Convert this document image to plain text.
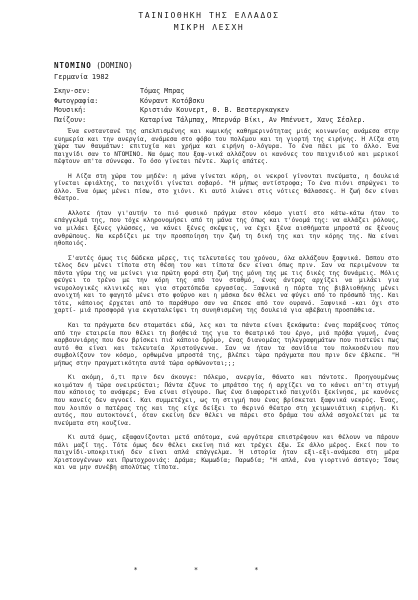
ΤΑΙΝΙΟΘΗΚΗ ΤΗΣ ΕΛΛΑΔΟΣ
ΜΙΚΡΗ ΛΕΣΧΗ
ΝΤΟΜΙΝΟ (DOMINO)
Γερμανία 1982
Σκην-σεν:	Τόμας Μπρας
Φωτογραφία:	Κόνραντ Κοτόβσκυ
Μουσική:	Κριστιάν Κουνερτ, Θ. Β. Βεστεργκαγκεν
Παίζουν:	Καταρίνα Τάλμπαχ, Μπερνάρ Βίκι, Αν Μπένυετ, Χανς Σέσλερ.

Ένα ενσταντανέ της απελπισμένης και κωμικής καθημερινότητας μιάς κοινωνίας ανάμεσα στην ευημερία και την ανεργία, ανάμεσα στο φόβο του πολέμου και τη γιορτή της ειρήνης. Η Λίζα στη χώρα των θαυμάτων: επιτυχία και χρήμα και ειρήνη ο-λόγυρα. Το ένα πάει με το άλλο. Ένα παιχνίδι σαν το ΝΤΟΜΙΝΟ. Να όμως που ξαφ-νικά αλλάζουν οι κανόνες του παιχνιδιού και μερικοί πέφτουν απ'τα σύννεφα. Το όσο γίνεται πέντε. Χωρίς απάτες.

Η Λίζα στη χώρα του μηδέν: η μάνα γίνεται κόρη, οι νεκροί γίνονται πνεύματα, η δουλειά γίνεται εφιάλτης, το παιχνίδι γίνεται σοβαρό. "Η μήπως αντίστροφα; Το ένα πιόνι σπρώχνει το άλλο. Ένα όμως μένει πίσω, στο χιόνι. Κι αυτό λιώνει στις νότιες θάλασσες. Η ζωή δεν είναι θέατρο.

Αλλοτε ήταν γι'αυτήν το πιό φυσικό πράγμα στον κόσμο γιατί στο κάτω-κάτω ήταν το επάγγελμά της, που τόχε κληρονομήσει από τη μάνα της όπως και τ'όνομά της: να αλλάζει ρόλους, να μιλάει ξένες γλώσσες, να κάνει ξένες σκέψεις, να έχει ξένα αισθήματα μπροστά σε ξένους ανθρώπους. Να κερδίζει με την προσποίηση την ζωή τη δική της και την κόρης της. Να είναι ηθοποιός.

Σ'αυτές όμως τις δώδεκα μέρες, τις τελευταίες του χρόνου, όλα αλλάζουν ξαφνικά. Ώσπου στο τέλος δεν μένει τίποτα στη θέση του και τίποτα δεν είναι όπως πριν. Σαν να περιμένουν τα πάντα γύρω της να μείνει για πρώτη φορά στη ζωή της μόνη της με τις δικές της δυνάμεις. Μόλις φεύγει το τρένο με την κόρη της από τον σταθμό, ένας άντρας αρχίζει να μιλάει για νευρολογικές κλινικές και για στρατόπεδα εργασίας. Ξαφνικά η πόρτα της βιβλιοθήκης μένει ανοιχτή και το φαγητό μένει στο φούρνο και η μάσκα δεν θέλει να φύγει από το πρόσωπό της. Και τότε, κάποιος έρχεται από το παράθυρο σαν να έπεσε από τον ουρανό. Ξαφνικά -και όχι στο χαρτί- μιά προσφορά για εκγαταλείψει τη συνηθισμένη της δουλειά για αβέβαιη προσπάθεια.

Και τα πράγματα δεν σταματάει εδώ, λες και τα πάντα είναι ξεκάφωτα: ένας παράξενος τύπος από την εταιρεία που θέλει τη βοήθειά της για το θεατρικό του έργο, μιά πρόβα γυμνή, ένας καρβουνιάρης που δεν βρίσκει πιά κάποιο δρόμο, ένας διανομέας τηλεγραφημάτων που πιστεύει πως αυτό θα είναι και τελευταία Χριστούγεννα. Σαν να ήταν τα σανίδια του πολκοσένιου που συμβολίζουν τον κόσμο, ορθωμένα μπροστά της, βλέπει τώρα πράγματα που πριν δεν έβλεπε. "Η μήπως στην πραγματικότητα αυτά τώρα ορθώνονται;;;

Κι ακόμη, ό,τι πριν δεν άκουγε: πόλεμο, ανεργία, θάνατο και πάντοτε. Προηγουμένως κοιμόταν ή τώρα ονειρεύεται; Πάντα έζυνε το μπράτσο της ή αρχίζει να το κάνει απ'τη στιγμή που κάποιος το ανάφερε; Ενα είναι σίγουρο. Πως ένα διαφορετικό παιχνίδι ξεκίνησε, με κανόνες που κανείς δεν αγνοεί. Και συμμετέχει, ως τη στιγμή που ένας βρίσκεται ξαφνικά νεκρός. Ένας, που λοιπόν ο πατέρας της και της είχε δείξει το θερινό θέατρο στη χειμωνιάτικη ειρήνη. Κι αυτός, που αυτοκτονεί, όταν εκείνη δεν θέλει να πάρει στο δράμα του αλλά ασχολείται με τα πνεύματα στη κουζίνα.

Κι αυτά όμως, εξαφανίζονται μετά απότομα, ενώ αργότερα επιστρέφουν και θέλουν να πάρουν πάλι μαζί της. Τότε όμως δεν θέλει εκείνη πιά και τρέχει έξω. Σε άλλο μέρος. Εκεί που το παιχνίδι-υποκριτική δεν είναι απλά επάγγελμα. Ή ιστορία ήταν εξι-εξι-ανάμεσα στη μέρα Χριστουγέννων και Πρωτοχρονιάς: Δράμα; Κωμωδία; Παρωδία; "Η απλά, ένα γιορτινό άστεγο; Ίσως και να μην συνέβη απολύτως τίποτα.

* * *
